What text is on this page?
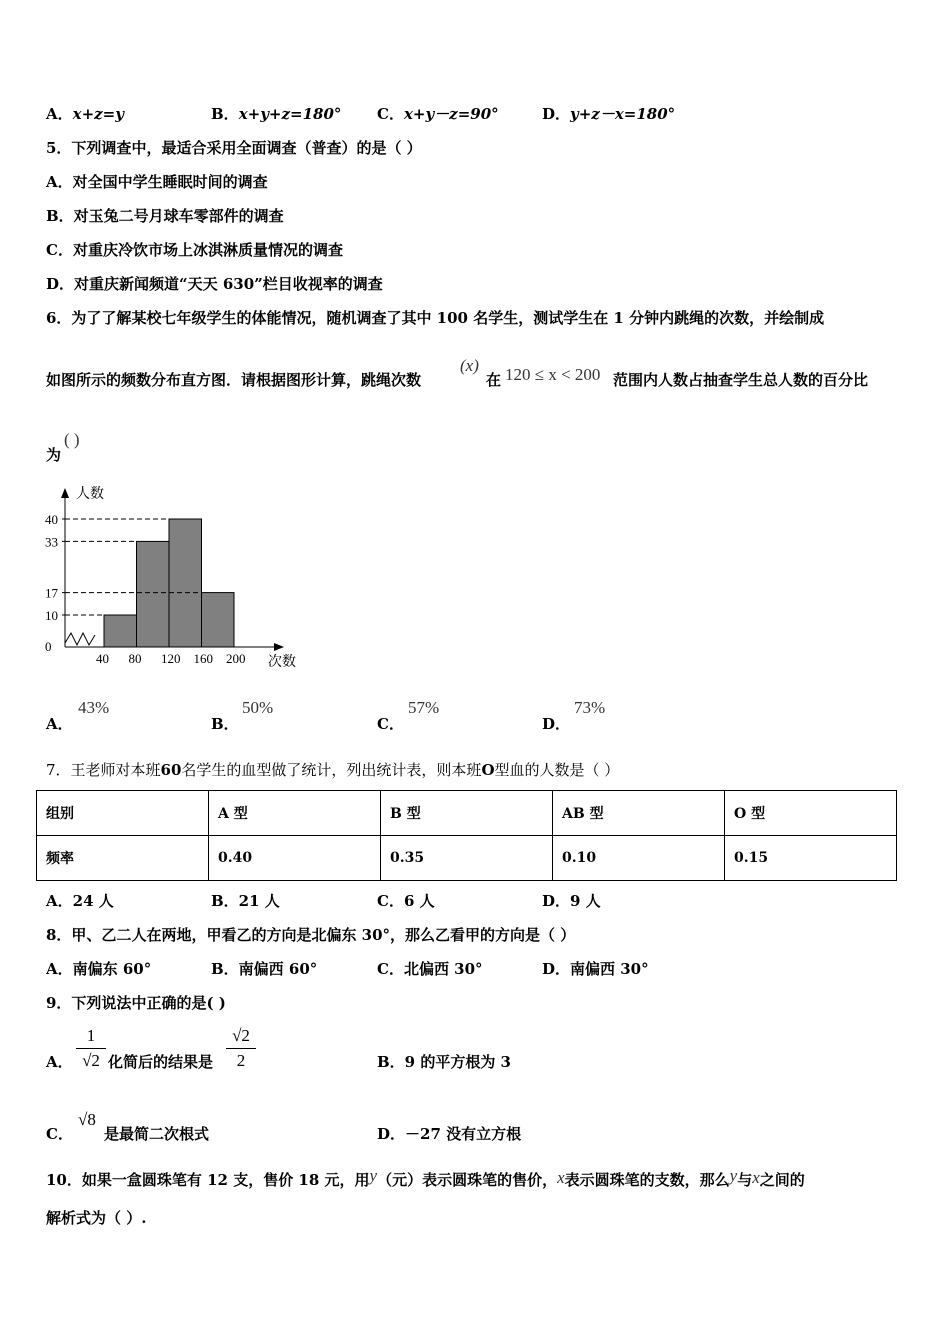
A．x+z=y	B．x+y+z=180° C．x+y－z=90°	D．y+z－x=180°
5．下列调查中，最适合采用全面调查（普查）的是（ ）
A．对全国中学生睡眠时间的调查
B．对玉兔二号月球车零部件的调查
C．对重庆冷饮市场上冰淇淋质量情况的调查
D．对重庆新闻频道“天天 630”栏目收视率的调查
6．为了了解某校七年级学生的体能情况，随机调查了其中 100 名学生，测试学生在 1 分钟内跳绳的次数，并绘制成
如图所示的频数分布直方图．请根据图形计算，跳绳次数
(x)
在 120 ≤ x < 200 范围内人数占抽查学生总人数的百分比
为
( )
人数
次数
0
10
17
33
40
40 80 120 160 200
A．
43%
B．
50%
C．
57%
D．
73%
7．王老师对本班60名学生的血型做了统计，列出统计表，则本班O型血的人数是（ ）
组别	A 型	B 型	AB 型	O 型
频率	0.40	0.35	0.10	0.15
A．24 人	B．21 人	C．6 人	D．9 人
8．甲、乙二人在两地，甲看乙的方向是北偏东 30°，那么乙看甲的方向是（ ）
A．南偏东 60°	B．南偏西 60°	C．北偏西 30°	D．南偏西 30°
9．下列说法中正确的是( )
A． $\frac{1}{√2}$ 化简后的结果是 $\frac{√2}{2}$	B．9 的平方根为 3
C．
√8
是最简二次根式	D．－27 没有立方根
10．如果一盒圆珠笔有 12 支，售价 18 元，用y（元）表示圆珠笔的售价，x表示圆珠笔的支数，那么y与x之间的
解析式为（ ）.
